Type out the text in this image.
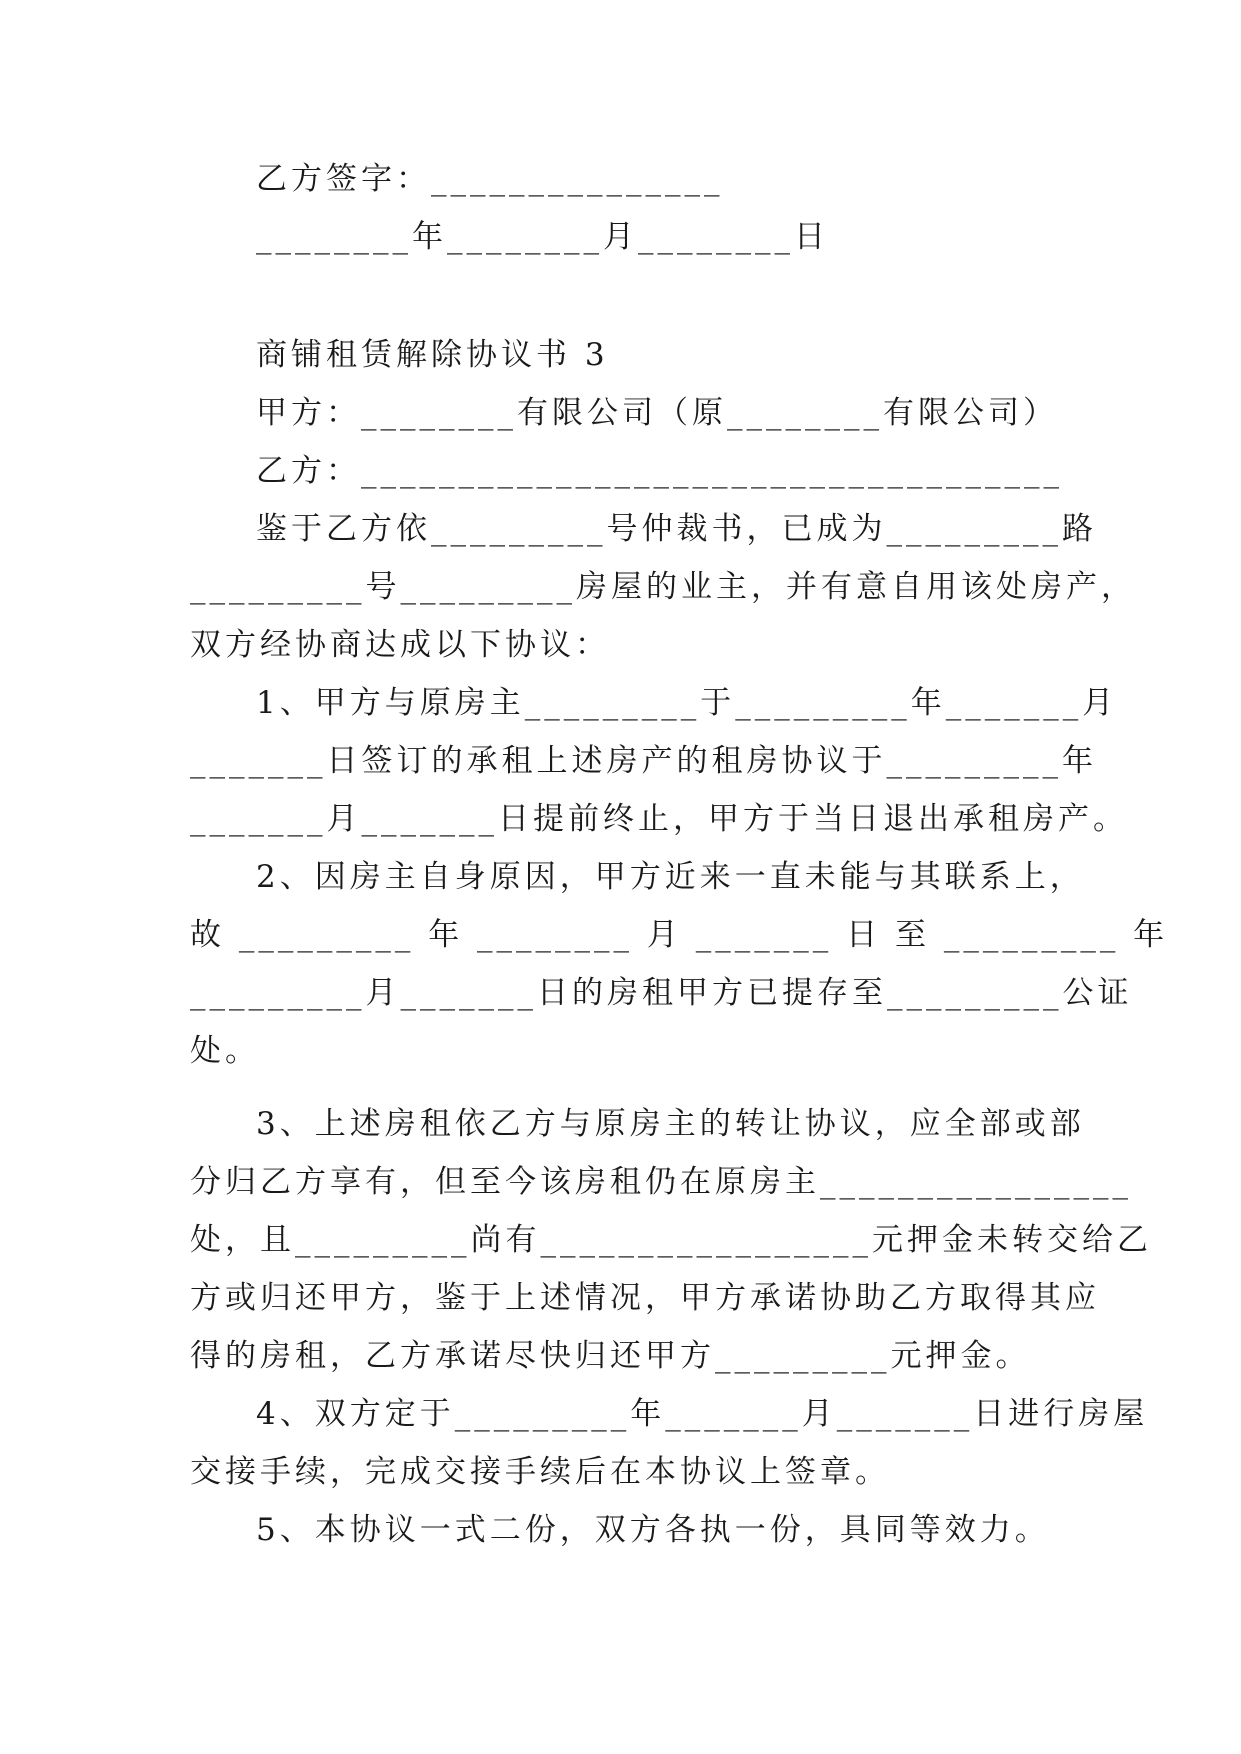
乙方签字：_______________

________年________月________日

商铺租赁解除协议书 3

甲方：________有限公司（原________有限公司）

乙方：____________________________________

鉴于乙方依_________号仲裁书，已成为_________路

_________号_________房屋的业主，并有意自用该处房产，

双方经协商达成以下协议：

1、甲方与原房主_________于_________年_______月

_______日签订的承租上述房产的租房协议于_________年

_______月_______日提前终止，甲方于当日退出承租房产。

2、因房主自身原因，甲方近来一直未能与其联系上，

故 _________ 年 ________ 月 _______ 日 至 _________ 年

_________月_______日的房租甲方已提存至_________公证

处。

3、上述房租依乙方与原房主的转让协议，应全部或部

分归乙方享有，但至今该房租仍在原房主________________

处，且_________尚有_________________元押金未转交给乙

方或归还甲方，鉴于上述情况，甲方承诺协助乙方取得其应

得的房租，乙方承诺尽快归还甲方_________元押金。

4、双方定于_________年_______月_______日进行房屋

交接手续，完成交接手续后在本协议上签章。

5、本协议一式二份，双方各执一份，具同等效力。
